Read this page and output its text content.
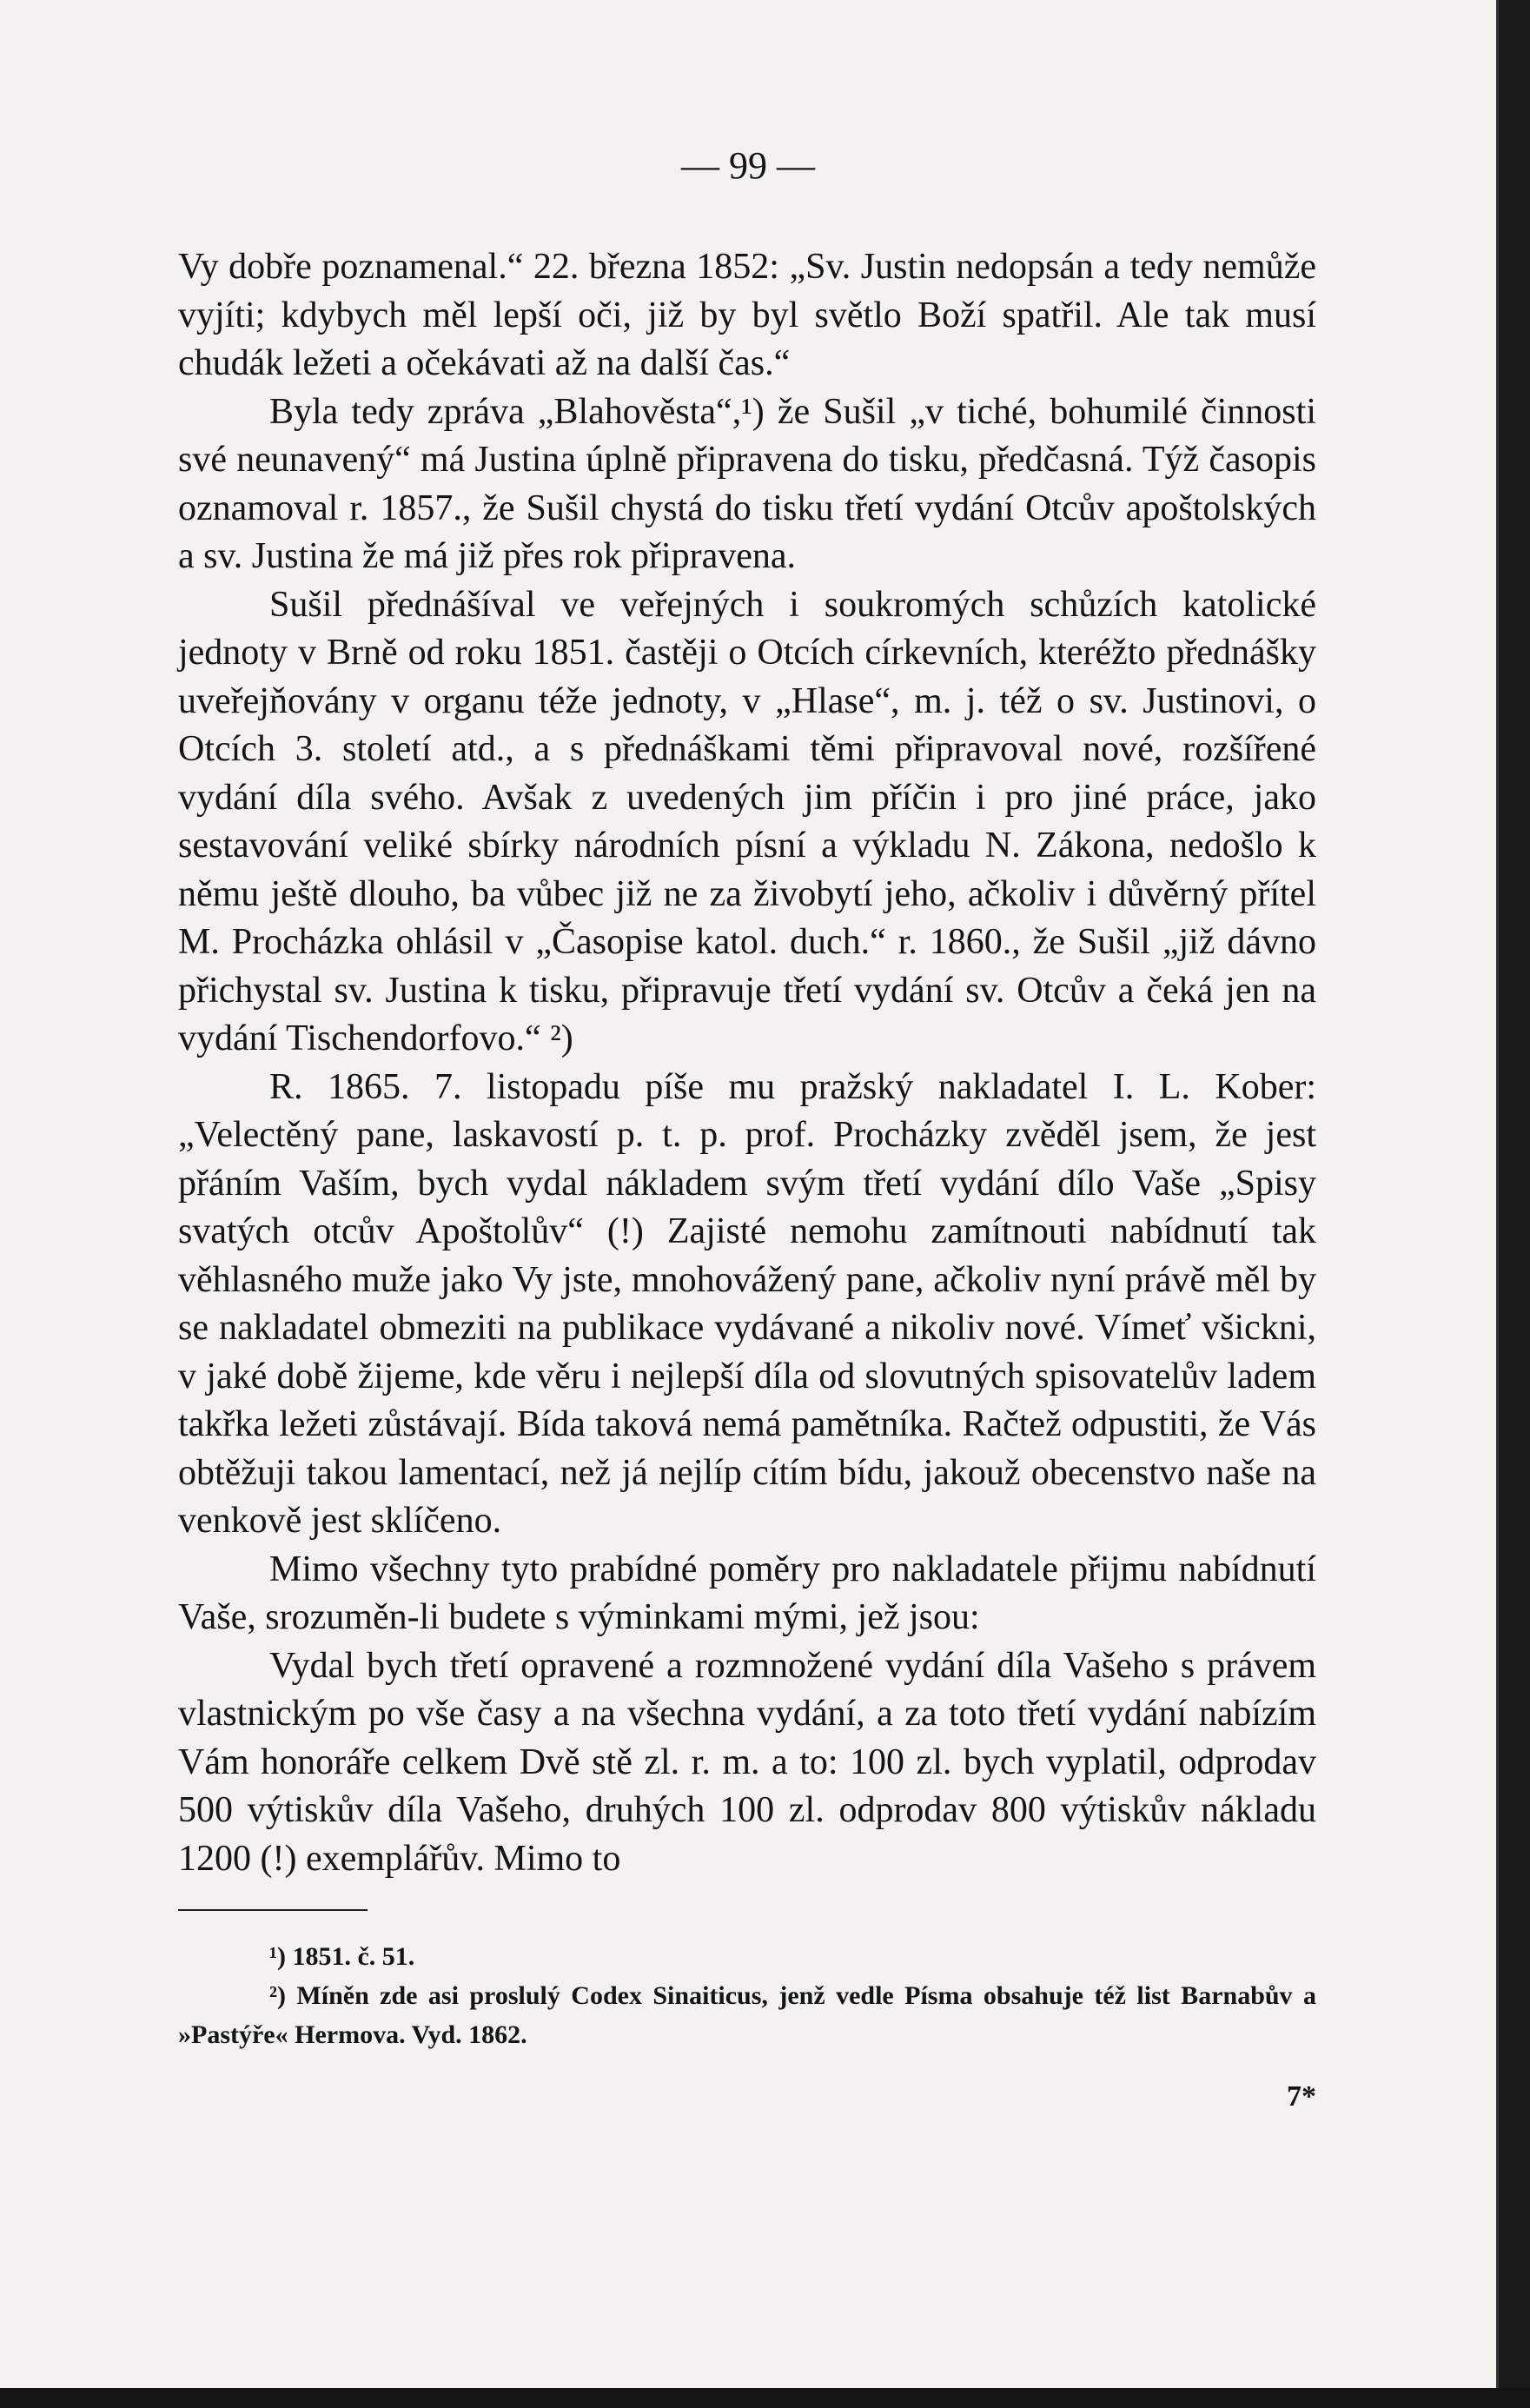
— 99 —

Vy dobře poznamenal.“ 22. března 1852: „Sv. Justin nedopsán a tedy nemůže vyjíti; kdybych měl lepší oči, již by byl světlo Boží spatřil. Ale tak musí chudák ležeti a očekávati až na další čas.“

Byla tedy zpráva „Blahověsta“,¹) že Sušil „v tiché, bohumilé činnosti své neunavený“ má Justina úplně připravena do tisku, předčasná. Týž časopis oznamoval r. 1857., že Sušil chystá do tisku třetí vydání Otcův apoštolských a sv. Justina že má již přes rok připravena.

Sušil přednášíval ve veřejných i soukromých schůzích katolické jednoty v Brně od roku 1851. častěji o Otcích církevních, kteréžto přednášky uveřejňovány v organu téže jednoty, v „Hlase“, m. j. též o sv. Justinovi, o Otcích 3. století atd., a s přednáškami těmi připravoval nové, rozšířené vydání díla svého. Avšak z uvedených jim příčin i pro jiné práce, jako sestavování veliké sbírky národních písní a výkladu N. Zákona, nedošlo k němu ještě dlouho, ba vůbec již ne za živobytí jeho, ačkoliv i důvěrný přítel M. Procházka ohlásil v „Časopise katol. duch.“ r. 1860., že Sušil „již dávno přichystal sv. Justina k tisku, připravuje třetí vydání sv. Otcův a čeká jen na vydání Tischendorfovo.“ ²)

R. 1865. 7. listopadu píše mu pražský nakladatel I. L. Kober: „Velectěný pane, laskavostí p. t. p. prof. Procházky zvěděl jsem, že jest přáním Vaším, bych vydal nákladem svým třetí vydání dílo Vaše „Spisy svatých otcův Apoštolův“ (!) Zajisté nemohu zamítnouti nabídnutí tak věhlasného muže jako Vy jste, mnohovážený pane, ačkoliv nyní právě měl by se nakladatel obmeziti na publikace vydávané a nikoliv nové. Vímeť všickni, v jaké době žijeme, kde věru i nejlepší díla od slovutných spisovatelův ladem takřka ležeti zůstávají. Bída taková nemá pamětníka. Račtež odpustiti, že Vás obtěžuji takou lamentací, než já nejlíp cítím bídu, jakouž obecenstvo naše na venkově jest sklíčeno.

Mimo všechny tyto prabídné poměry pro nakladatele přijmu nabídnutí Vaše, srozuměn-li budete s výminkami mými, jež jsou:

Vydal bych třetí opravené a rozmnožené vydání díla Vašeho s právem vlastnickým po vše časy a na všechna vydání, a za toto třetí vydání nabízím Vám honoráře celkem Dvě stě zl. r. m. a to: 100 zl. bych vyplatil, odprodav 500 výtiskův díla Vašeho, druhých 100 zl. odprodav 800 výtiskův nákladu 1200 (!) exemplářův. Mimo to

¹) 1851. č. 51.

²) Míněn zde asi proslulý Codex Sinaiticus, jenž vedle Písma obsahuje též list Barnabův a »Pastýře« Hermova. Vyd. 1862.

7*
